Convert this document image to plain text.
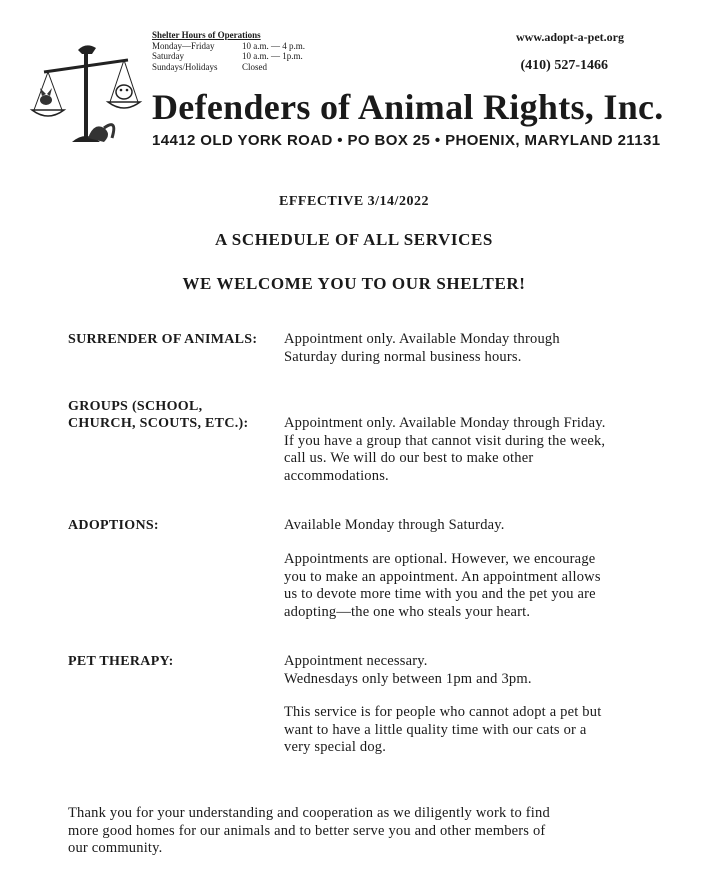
Shelter Hours of Operations
Monday—Friday	10 a.m. — 4 p.m.
Saturday	10 a.m. — 1p.m.
Sundays/Holidays	Closed
www.adopt-a-pet.org
(410) 527-1466
Defenders of Animal Rights, Inc.
14412 OLD YORK ROAD • PO BOX 25 • PHOENIX, MARYLAND 21131
EFFECTIVE 3/14/2022
A SCHEDULE OF ALL SERVICES
WE WELCOME YOU TO OUR SHELTER!
SURRENDER OF ANIMALS: Appointment only. Available Monday through
Saturday during normal business hours.
GROUPS (SCHOOL,
CHURCH, SCOUTS, ETC.): Appointment only. Available Monday through Friday.
If you have a group that cannot visit during the week,
call us. We will do our best to make other
accommodations.
ADOPTIONS:	Available Monday through Saturday.
Appointments are optional. However, we encourage
you to make an appointment. An appointment allows
us to devote more time with you and the pet you are
adopting—the one who steals your heart.
PET THERAPY:	Appointment necessary.
Wednesdays only between 1pm and 3pm.
This service is for people who cannot adopt a pet but
want to have a little quality time with our cats or a
very special dog.
Thank you for your understanding and cooperation as we diligently work to find
more good homes for our animals and to better serve you and other members of
our community.
